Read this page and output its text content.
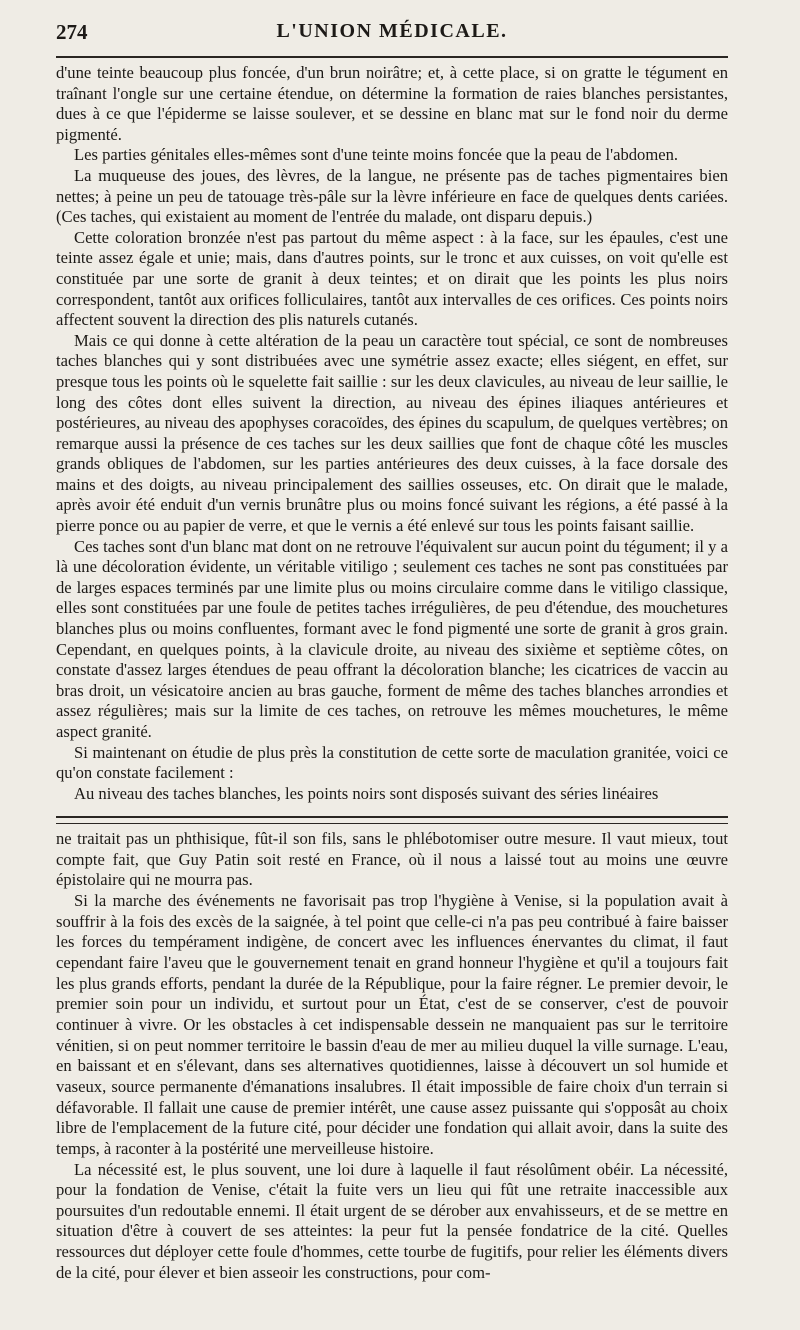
274	L'UNION MÉDICALE.

d'une teinte beaucoup plus foncée, d'un brun noirâtre; et, à cette place, si on gratte le tégument en traînant l'ongle sur une certaine étendue, on détermine la formation de raies blanches persistantes, dues à ce que l'épiderme se laisse soulever, et se dessine en blanc mat sur le fond noir du derme pigmenté.

Les parties génitales elles-mêmes sont d'une teinte moins foncée que la peau de l'abdomen.

La muqueuse des joues, des lèvres, de la langue, ne présente pas de taches pigmentaires bien nettes; à peine un peu de tatouage très-pâle sur la lèvre inférieure en face de quelques dents cariées. (Ces taches, qui existaient au moment de l'entrée du malade, ont disparu depuis.)

Cette coloration bronzée n'est pas partout du même aspect : à la face, sur les épaules, c'est une teinte assez égale et unie; mais, dans d'autres points, sur le tronc et aux cuisses, on voit qu'elle est constituée par une sorte de granit à deux teintes; et on dirait que les points les plus noirs correspondent, tantôt aux orifices folliculaires, tantôt aux intervalles de ces orifices. Ces points noirs affectent souvent la direction des plis naturels cutanés.

Mais ce qui donne à cette altération de la peau un caractère tout spécial, ce sont de nombreuses taches blanches qui y sont distribuées avec une symétrie assez exacte; elles siégent, en effet, sur presque tous les points où le squelette fait saillie : sur les deux clavicules, au niveau de leur saillie, le long des côtes dont elles suivent la direction, au niveau des épines iliaques antérieures et postérieures, au niveau des apophyses coracoïdes, des épines du scapulum, de quelques vertèbres; on remarque aussi la présence de ces taches sur les deux saillies que font de chaque côté les muscles grands obliques de l'abdomen, sur les parties antérieures des deux cuisses, à la face dorsale des mains et des doigts, au niveau principalement des saillies osseuses, etc. On dirait que le malade, après avoir été enduit d'un vernis brunâtre plus ou moins foncé suivant les régions, a été passé à la pierre ponce ou au papier de verre, et que le vernis a été enlevé sur tous les points faisant saillie.

Ces taches sont d'un blanc mat dont on ne retrouve l'équivalent sur aucun point du tégument; il y a là une décoloration évidente, un véritable vitiligo ; seulement ces taches ne sont pas constituées par de larges espaces terminés par une limite plus ou moins circulaire comme dans le vitiligo classique, elles sont constituées par une foule de petites taches irrégulières, de peu d'étendue, des mouchetures blanches plus ou moins confluentes, formant avec le fond pigmenté une sorte de granit à gros grain. Cependant, en quelques points, à la clavicule droite, au niveau des sixième et septième côtes, on constate d'assez larges étendues de peau offrant la décoloration blanche; les cicatrices de vaccin au bras droit, un vésicatoire ancien au bras gauche, forment de même des taches blanches arrondies et assez régulières; mais sur la limite de ces taches, on retrouve les mêmes mouchetures, le même aspect granité.

Si maintenant on étudie de plus près la constitution de cette sorte de maculation granitée, voici ce qu'on constate facilement :

Au niveau des taches blanches, les points noirs sont disposés suivant des séries linéaires

ne traitait pas un phthisique, fût-il son fils, sans le phlébotomiser outre mesure. Il vaut mieux, tout compte fait, que Guy Patin soit resté en France, où il nous a laissé tout au moins une œuvre épistolaire qui ne mourra pas.

Si la marche des événements ne favorisait pas trop l'hygiène à Venise, si la population avait à souffrir à la fois des excès de la saignée, à tel point que celle-ci n'a pas peu contribué à faire baisser les forces du tempérament indigène, de concert avec les influences énervantes du climat, il faut cependant faire l'aveu que le gouvernement tenait en grand honneur l'hygiène et qu'il a toujours fait les plus grands efforts, pendant la durée de la République, pour la faire régner. Le premier devoir, le premier soin pour un individu, et surtout pour un État, c'est de se conserver, c'est de pouvoir continuer à vivre. Or les obstacles à cet indispensable dessein ne manquaient pas sur le territoire vénitien, si on peut nommer territoire le bassin d'eau de mer au milieu duquel la ville surnage. L'eau, en baissant et en s'élevant, dans ses alternatives quotidiennes, laisse à découvert un sol humide et vaseux, source permanente d'émanations insalubres. Il était impossible de faire choix d'un terrain si défavorable. Il fallait une cause de premier intérêt, une cause assez puissante qui s'opposât au choix libre de l'emplacement de la future cité, pour décider une fondation qui allait avoir, dans la suite des temps, à raconter à la postérité une merveilleuse histoire.

La nécessité est, le plus souvent, une loi dure à laquelle il faut résolûment obéir. La nécessité, pour la fondation de Venise, c'était la fuite vers un lieu qui fût une retraite inaccessible aux poursuites d'un redoutable ennemi. Il était urgent de se dérober aux envahisseurs, et de se mettre en situation d'être à couvert de ses atteintes: la peur fut la pensée fondatrice de la cité. Quelles ressources dut déployer cette foule d'hommes, cette tourbe de fugitifs, pour relier les éléments divers de la cité, pour élever et bien asseoir les constructions, pour com-
